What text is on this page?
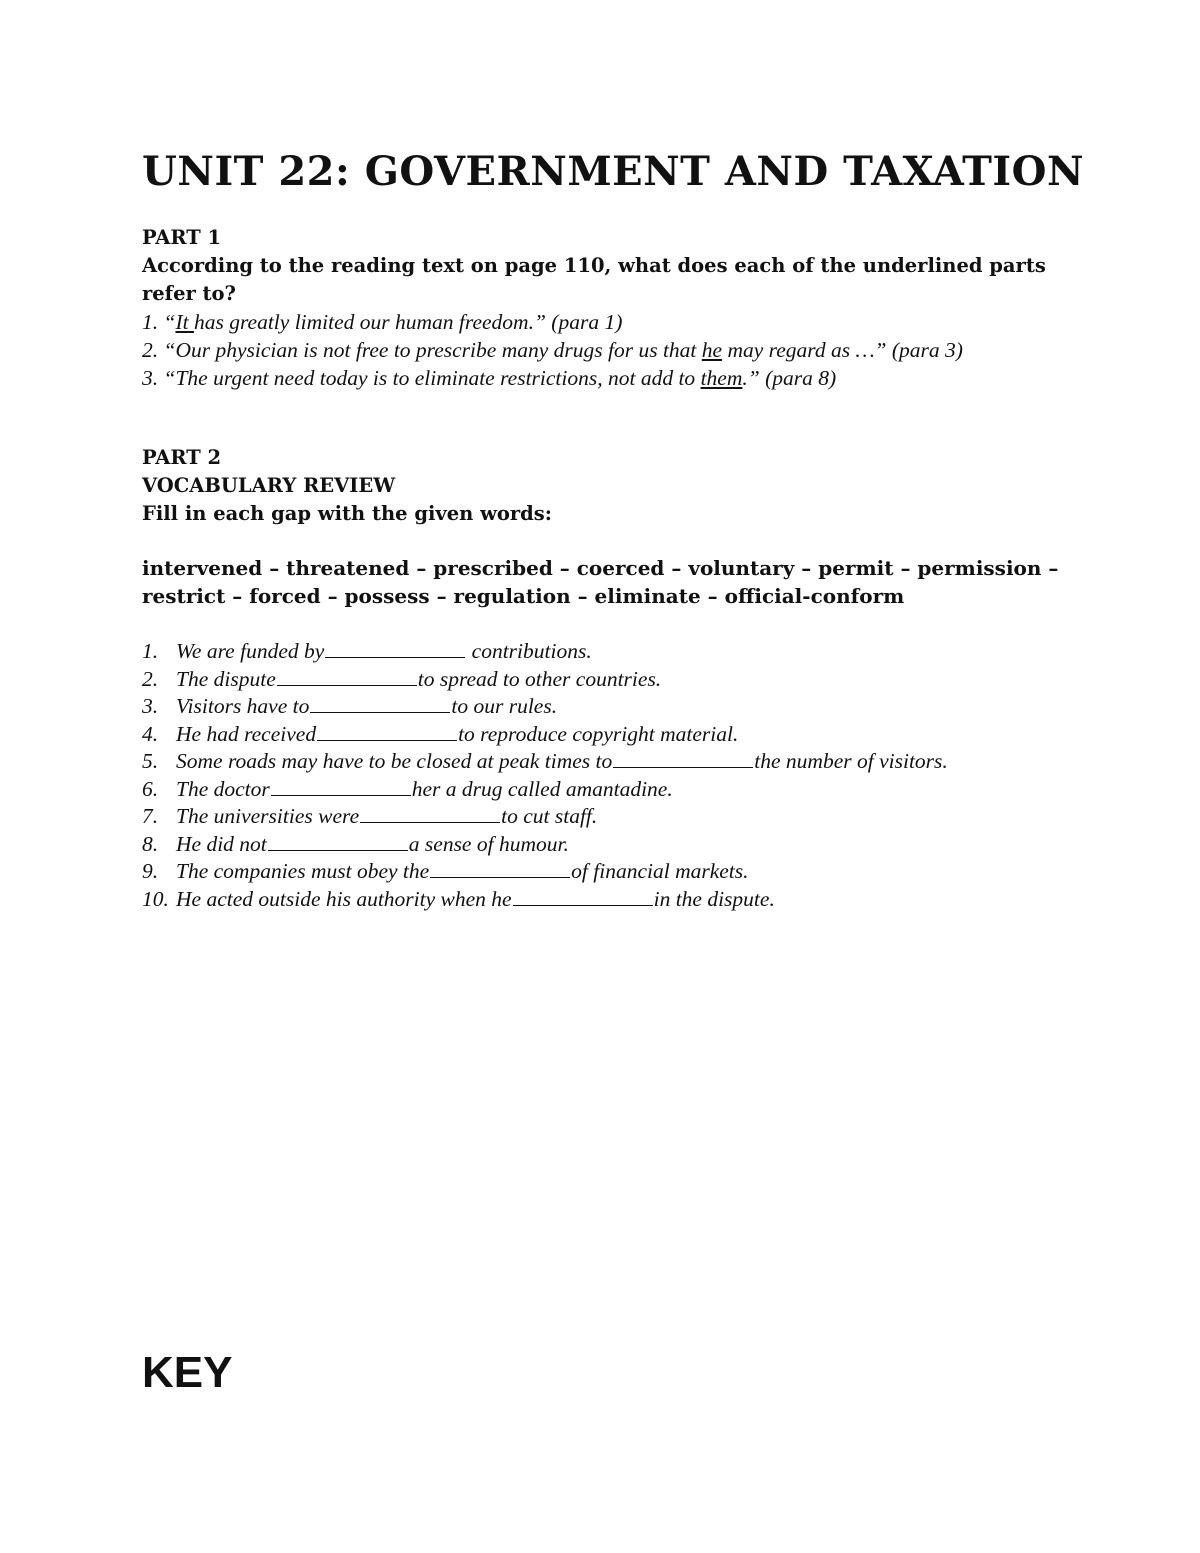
UNIT 22: GOVERNMENT AND TAXATION
PART 1
According to the reading text on page 110, what does each of the underlined parts refer to?
1. “It has greatly limited our human freedom.” (para 1)
2. “Our physician is not free to prescribe many drugs for us that he may regard as …” (para 3)
3. “The urgent need today is to eliminate restrictions, not add to them.” (para 8)
PART 2
VOCABULARY REVIEW
Fill in each gap with the given words:
intervened – threatened – prescribed – coerced – voluntary – permit – permission –
restrict – forced – possess – regulation – eliminate – official-conform
1. We are funded by	contributions.
2. The dispute	to spread to other countries.
3. Visitors have to	to our rules.
4. He had received	to reproduce copyright material.
5. Some roads may have to be closed at peak times to	the number of visitors.
6. The doctor	her a drug called amantadine.
7. The universities were	to cut staff.
8. He did not	a sense of humour.
9. The companies must obey the	of financial markets.
10. He acted outside his authority when he	in the dispute.
KEY
